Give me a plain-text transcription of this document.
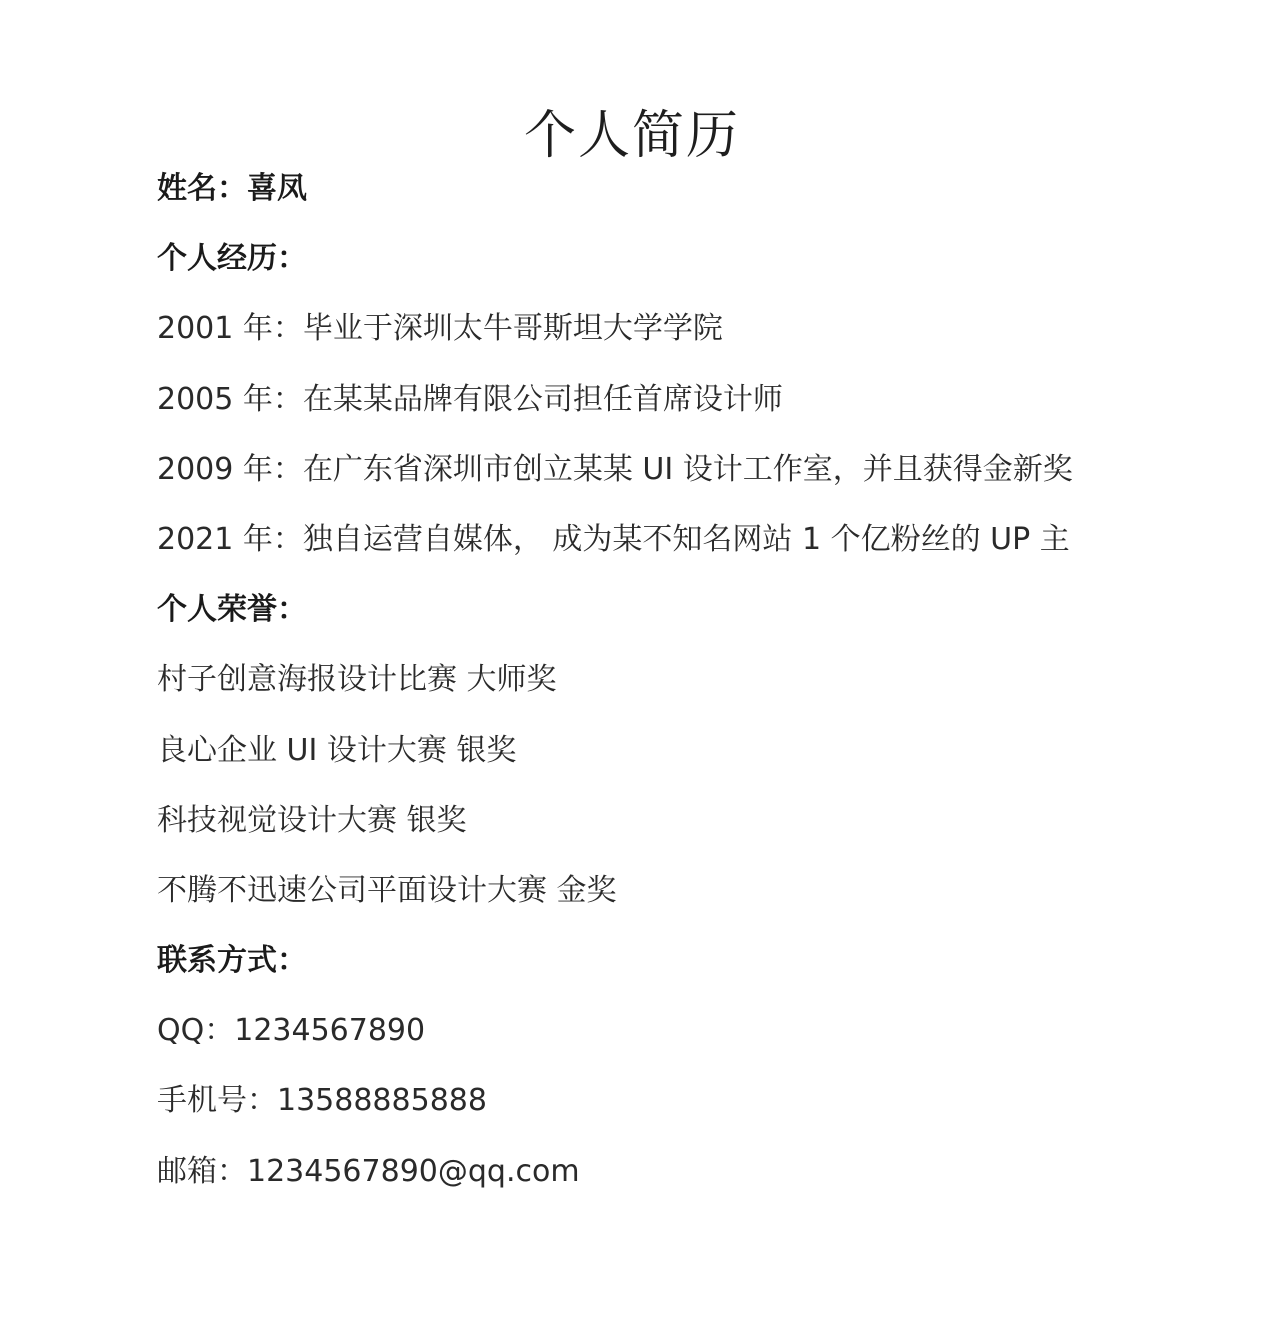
个人简历
姓名：喜凤
个人经历：
2001 年：毕业于深圳太牛哥斯坦大学学院
2005 年：在某某品牌有限公司担任首席设计师
2009 年：在广东省深圳市创立某某 UI 设计工作室，并且获得金新奖
2021 年：独自运营自媒体， 成为某不知名网站 1 个亿粉丝的 UP 主
个人荣誉：
村子创意海报设计比赛 大师奖
良心企业 UI 设计大赛 银奖
科技视觉设计大赛 银奖
不腾不迅速公司平面设计大赛 金奖
联系方式：
QQ：1234567890
手机号：13588885888
邮箱：1234567890@qq.com
